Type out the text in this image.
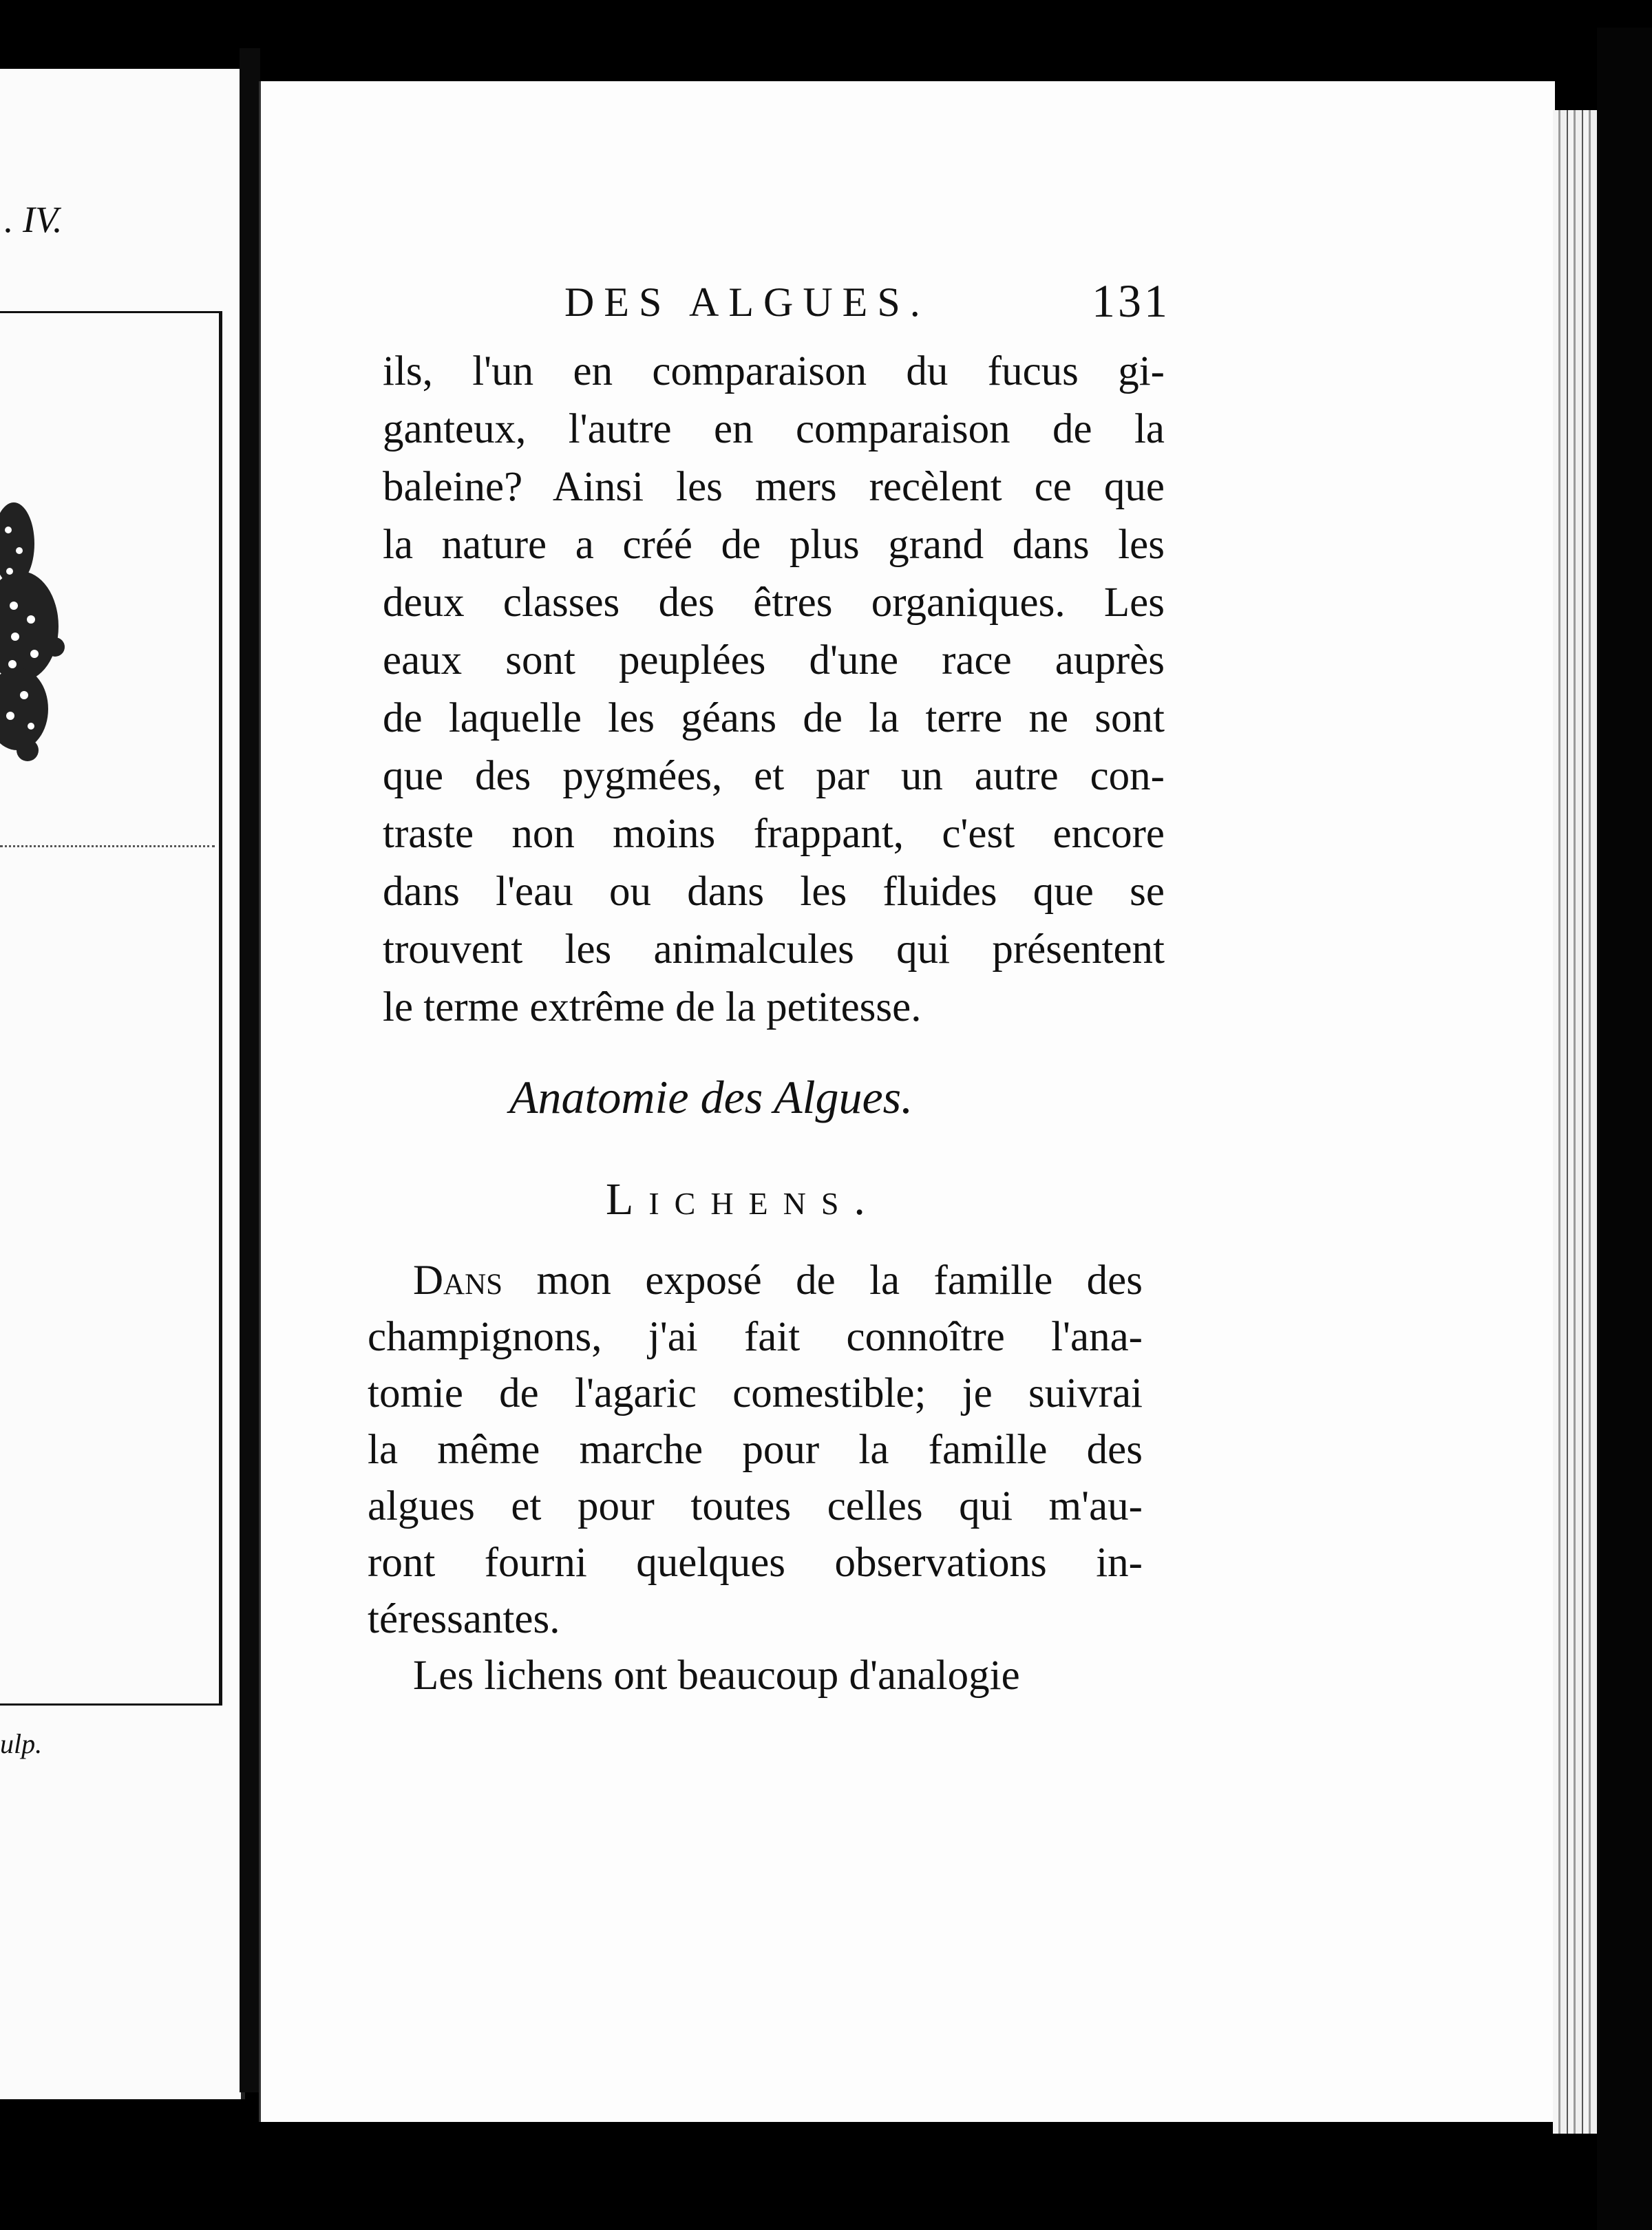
. IV.
ulp.
DES ALGUES.	131
ils, l'un en comparaison du fucus gi-
ganteux, l'autre en comparaison de la
baleine? Ainsi les mers recèlent ce que
la nature a créé de plus grand dans les
deux classes des êtres organiques. Les
eaux sont peuplées d'une race auprès
de laquelle les géans de la terre ne sont
que des pygmées, et par un autre con-
traste non moins frappant, c'est encore
dans l'eau ou dans les fluides que se
trouvent les animalcules qui présentent
le terme extrême de la petitesse.
Anatomie des Algues.
Lichens.
Dans mon exposé de la famille des
champignons, j'ai fait connoître l'ana-
tomie de l'agaric comestible; je suivrai
la même marche pour la famille des
algues et pour toutes celles qui m'au-
ront fourni quelques observations in-
téressantes.
Les lichens ont beaucoup d'analogie
